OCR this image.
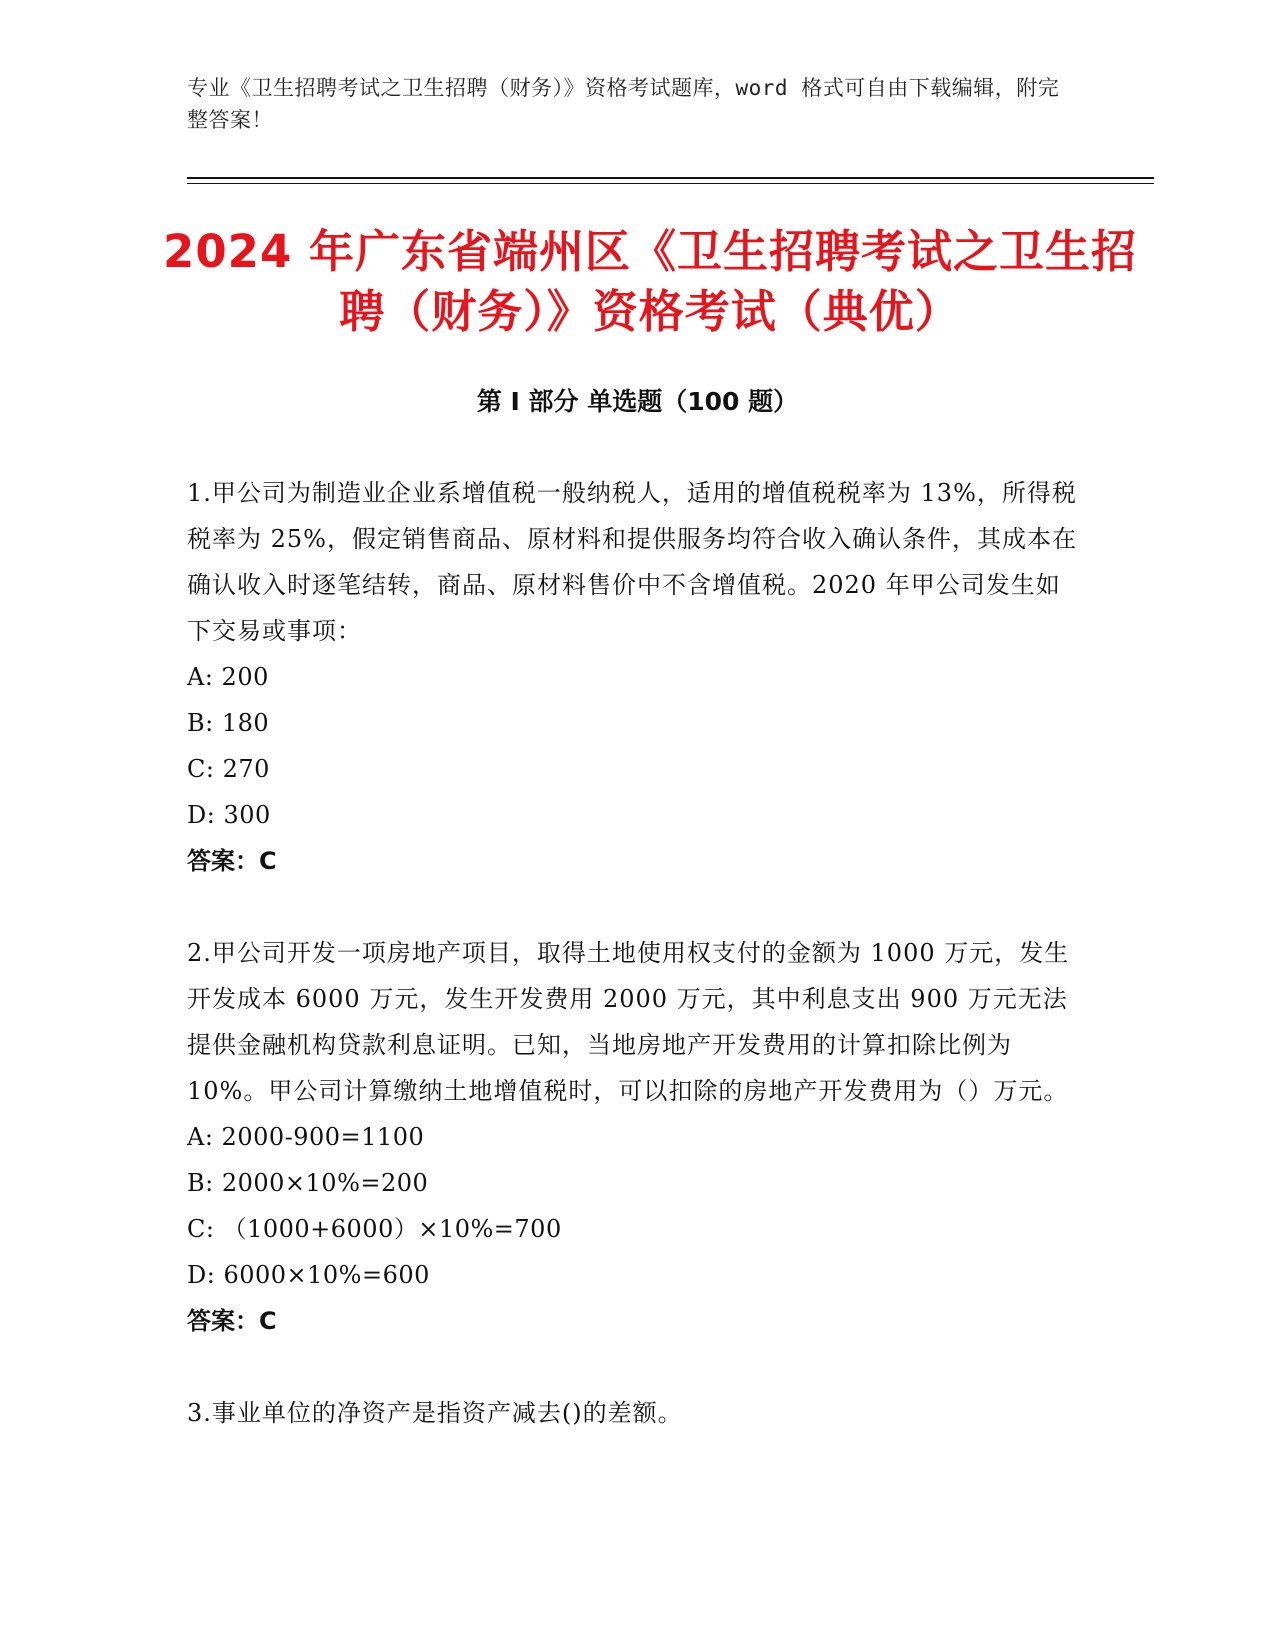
专业《卫生招聘考试之卫生招聘（财务）》资格考试题库，word 格式可自由下载编辑，附完整答案！
2024 年广东省端州区《卫生招聘考试之卫生招聘（财务）》资格考试（典优）
第 I 部分 单选题（100 题）
1.甲公司为制造业企业系增值税一般纳税人，适用的增值税税率为 13%，所得税税率为 25%，假定销售商品、原材料和提供服务均符合收入确认条件，其成本在确认收入时逐笔结转，商品、原材料售价中不含增值税。2020 年甲公司发生如下交易或事项：
A: 200
B: 180
C: 270
D: 300
答案：C
2.甲公司开发一项房地产项目，取得土地使用权支付的金额为 1000 万元，发生开发成本 6000 万元，发生开发费用 2000 万元，其中利息支出 900 万元无法提供金融机构贷款利息证明。已知，当地房地产开发费用的计算扣除比例为 10%。甲公司计算缴纳土地增值税时，可以扣除的房地产开发费用为（）万元。
A: 2000-900=1100
B: 2000×10%=200
C: （1000+6000）×10%=700
D: 6000×10%=600
答案：C
3.事业单位的净资产是指资产减去()的差额。
